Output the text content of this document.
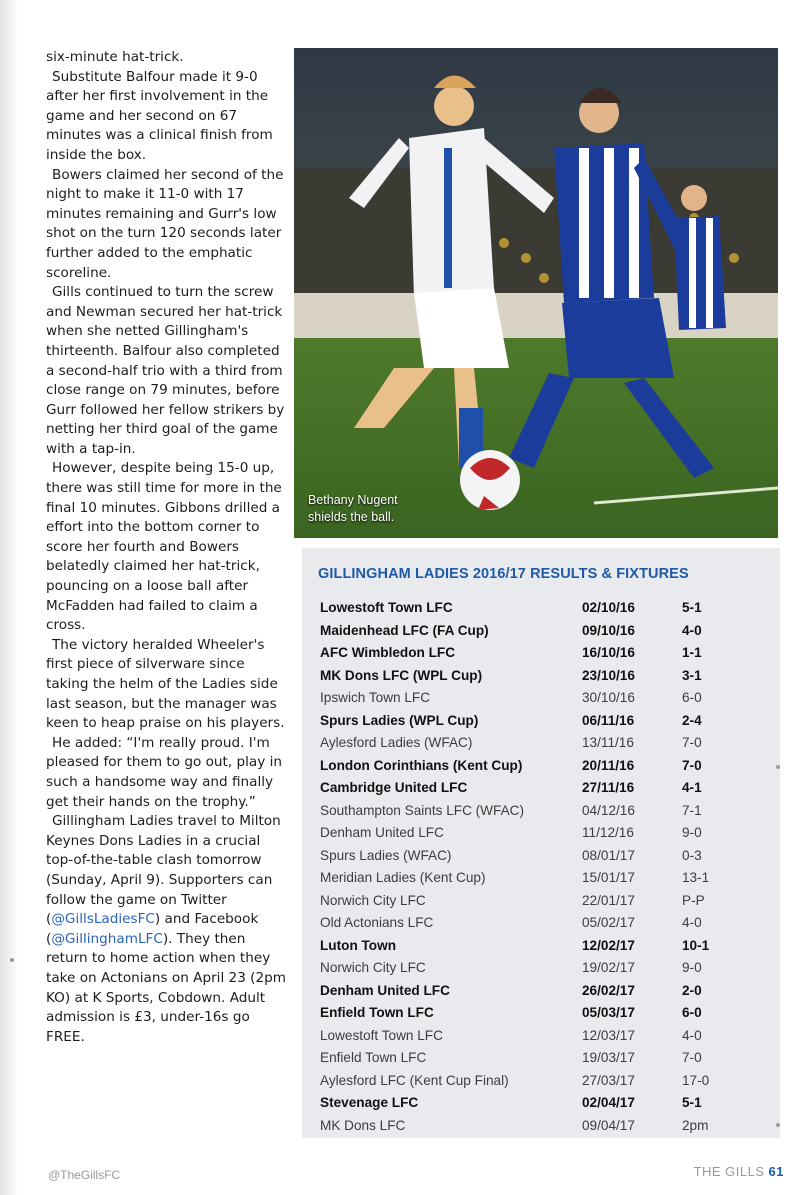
six-minute hat-trick.

Substitute Balfour made it 9-0 after her first involvement in the game and her second on 67 minutes was a clinical finish from inside the box.

Bowers claimed her second of the night to make it 11-0 with 17 minutes remaining and Gurr's low shot on the turn 120 seconds later further added to the emphatic scoreline.

Gills continued to turn the screw and Newman secured her hat-trick when she netted Gillingham's thirteenth. Balfour also completed a second-half trio with a third from close range on 79 minutes, before Gurr followed her fellow strikers by netting her third goal of the game with a tap-in.

However, despite being 15-0 up, there was still time for more in the final 10 minutes. Gibbons drilled a effort into the bottom corner to score her fourth and Bowers belatedly claimed her hat-trick, pouncing on a loose ball after McFadden had failed to claim a cross.

The victory heralded Wheeler's first piece of silverware since taking the helm of the Ladies side last season, but the manager was keen to heap praise on his players.

He added: “I'm really proud. I'm pleased for them to go out, play in such a handsome way and finally get their hands on the trophy.”

Gillingham Ladies travel to Milton Keynes Dons Ladies in a crucial top-of-the-table clash tomorrow (Sunday, April 9). Supporters can follow the game on Twitter (@GillsLadiesFC) and Facebook (@GillinghamLFC). They then return to home action when they take on Actonians on April 23 (2pm KO) at K Sports, Cobdown. Adult admission is £3, under-16s go FREE.

Bethany Nugent
shields the ball.
GILLINGHAM LADIES 2016/17 RESULTS & FIXTURES
Lowestoft Town LFC	02/10/16	5-1
Maidenhead LFC (FA Cup)	09/10/16	4-0
AFC Wimbledon LFC	16/10/16	1-1
MK Dons LFC (WPL Cup)	23/10/16	3-1
Ipswich Town LFC	30/10/16	6-0
Spurs Ladies (WPL Cup)	06/11/16	2-4
Aylesford Ladies (WFAC)	13/11/16	7-0
London Corinthians (Kent Cup)	20/11/16	7-0
Cambridge United LFC	27/11/16	4-1
Southampton Saints LFC (WFAC)	04/12/16	7-1
Denham United LFC	11/12/16	9-0
Spurs Ladies (WFAC)	08/01/17	0-3
Meridian Ladies (Kent Cup)	15/01/17	13-1
Norwich City LFC	22/01/17	P-P
Old Actonians LFC	05/02/17	4-0
Luton Town	12/02/17	10-1
Norwich City LFC	19/02/17	9-0
Denham United LFC	26/02/17	2-0
Enfield Town LFC	05/03/17	6-0
Lowestoft Town LFC	12/03/17	4-0
Enfield Town LFC	19/03/17	7-0
Aylesford LFC (Kent Cup Final)	27/03/17	17-0
Stevenage LFC	02/04/17	5-1
MK Dons LFC	09/04/17	2pm
@TheGillsFC	THE GILLS 61
